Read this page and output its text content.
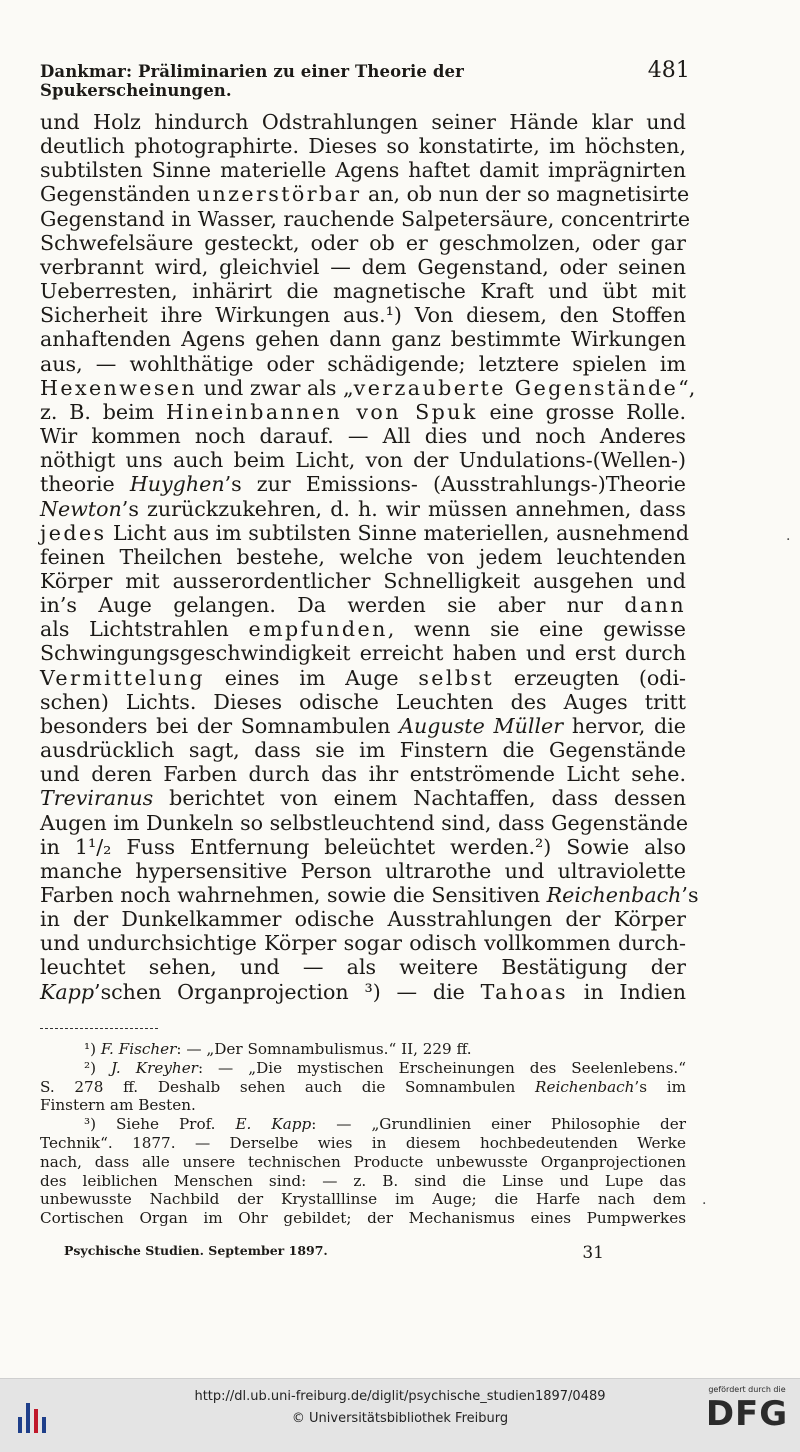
Dankmar: Präliminarien zu einer Theorie der Spukerscheinungen.
481
und Holz hindurch Odstrahlungen seiner Hände klar und
deutlich photographirte. Dieses so konstatirte, im höchsten,
subtilsten Sinne materielle Agens haftet damit imprägnirten
Gegenständen unzerstörbar an, ob nun der so magnetisirte
Gegenstand in Wasser, rauchende Salpetersäure, concentrirte
Schwefelsäure gesteckt, oder ob er geschmolzen, oder gar
verbrannt wird, gleichviel — dem Gegenstand, oder seinen
Ueberresten, inhärirt die magnetische Kraft und übt mit
Sicherheit ihre Wirkungen aus.¹) Von diesem, den Stoffen
anhaftenden Agens gehen dann ganz bestimmte Wirkungen
aus, — wohlthätige oder schädigende; letztere spielen im
Hexenwesen und zwar als „verzauberte Gegenstände“,
z. B. beim Hineinbannen von Spuk eine grosse Rolle.
Wir kommen noch darauf. — All dies und noch Anderes
nöthigt uns auch beim Licht, von der Undulations-(Wellen-)
theorie Huyghen’s zur Emissions- (Ausstrahlungs-)Theorie
Newton’s zurückzukehren, d. h. wir müssen annehmen, dass
jedes Licht aus im subtilsten Sinne materiellen, ausnehmend
feinen Theilchen bestehe, welche von jedem leuchtenden
Körper mit ausserordentlicher Schnelligkeit ausgehen und
in’s Auge gelangen. Da werden sie aber nur dann
als Lichtstrahlen empfunden, wenn sie eine gewisse
Schwingungsgeschwindigkeit erreicht haben und erst durch
Vermittelung eines im Auge selbst erzeugten (odi-
schen) Lichts. Dieses odische Leuchten des Auges tritt
besonders bei der Somnambulen Auguste Müller hervor, die
ausdrücklich sagt, dass sie im Finstern die Gegenstände
und deren Farben durch das ihr entströmende Licht sehe.
Treviranus berichtet von einem Nachtaffen, dass dessen
Augen im Dunkeln so selbstleuchtend sind, dass Gegenstände
in 1¹/₂ Fuss Entfernung beleüchtet werden.²) Sowie also
manche hypersensitive Person ultrarothe und ultraviolette
Farben noch wahrnehmen, sowie die Sensitiven Reichenbach’s
in der Dunkelkammer odische Ausstrahlungen der Körper
und undurchsichtige Körper sogar odisch vollkommen durch-
leuchtet sehen, und — als weitere Bestätigung der
Kapp’schen Organprojection ³) — die Tahoas in Indien
¹) F. Fischer: — „Der Somnambulismus.“ II, 229 ff.
²) J. Kreyher: — „Die mystischen Erscheinungen des Seelenlebens.“
S. 278 ff. Deshalb sehen auch die Somnambulen Reichenbach’s im
Finstern am Besten.
³) Siehe Prof. E. Kapp: — „Grundlinien einer Philosophie der
Technik“. 1877. — Derselbe wies in diesem hochbedeutenden Werke
nach, dass alle unsere technischen Producte unbewusste Organprojectionen
des leiblichen Menschen sind: — z. B. sind die Linse und Lupe das
unbewusste Nachbild der Krystalllinse im Auge; die Harfe nach dem
Cortischen Organ im Ohr gebildet; der Mechanismus eines Pumpwerkes
Psychische Studien. September 1897.	31
·
·
http://dl.ub.uni-freiburg.de/diglit/psychische_studien1897/0489
© Universitätsbibliothek Freiburg
gefördert durch die
DFG
